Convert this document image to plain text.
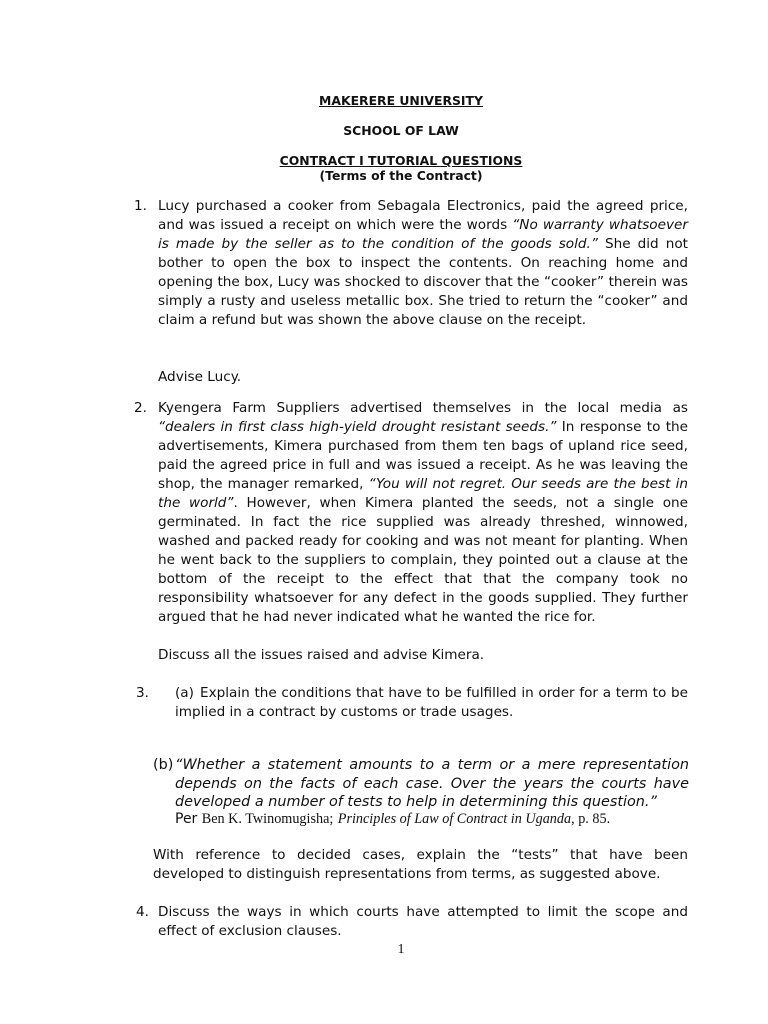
MAKERERE UNIVERSITY
SCHOOL OF LAW
CONTRACT I TUTORIAL QUESTIONS
(Terms of the Contract)
1. Lucy purchased a cooker from Sebagala Electronics, paid the agreed price, and was issued a receipt on which were the words “No warranty whatsoever is made by the seller as to the condition of the goods sold.” She did not bother to open the box to inspect the contents. On reaching home and opening the box, Lucy was shocked to discover that the “cooker” therein was simply a rusty and useless metallic box. She tried to return the “cooker” and claim a refund but was shown the above clause on the receipt.
Advise Lucy.
2. Kyengera Farm Suppliers advertised themselves in the local media as “dealers in first class high-yield drought resistant seeds.” In response to the advertisements, Kimera purchased from them ten bags of upland rice seed, paid the agreed price in full and was issued a receipt. As he was leaving the shop, the manager remarked, “You will not regret. Our seeds are the best in the world”. However, when Kimera planted the seeds, not a single one germinated. In fact the rice supplied was already threshed, winnowed, washed and packed ready for cooking and was not meant for planting. When he went back to the suppliers to complain, they pointed out a clause at the bottom of the receipt to the effect that that the company took no responsibility whatsoever for any defect in the goods supplied. They further argued that he had never indicated what he wanted the rice for.
Discuss all the issues raised and advise Kimera.
3. (a) Explain the conditions that have to be fulfilled in order for a term to be implied in a contract by customs or trade usages.
(b) “Whether a statement amounts to a term or a mere representation depends on the facts of each case. Over the years the courts have developed a number of tests to help in determining this question.”
Per Ben K. Twinomugisha; Principles of Law of Contract in Uganda, p. 85.
With reference to decided cases, explain the “tests” that have been developed to distinguish representations from terms, as suggested above.
4. Discuss the ways in which courts have attempted to limit the scope and effect of exclusion clauses.
1
